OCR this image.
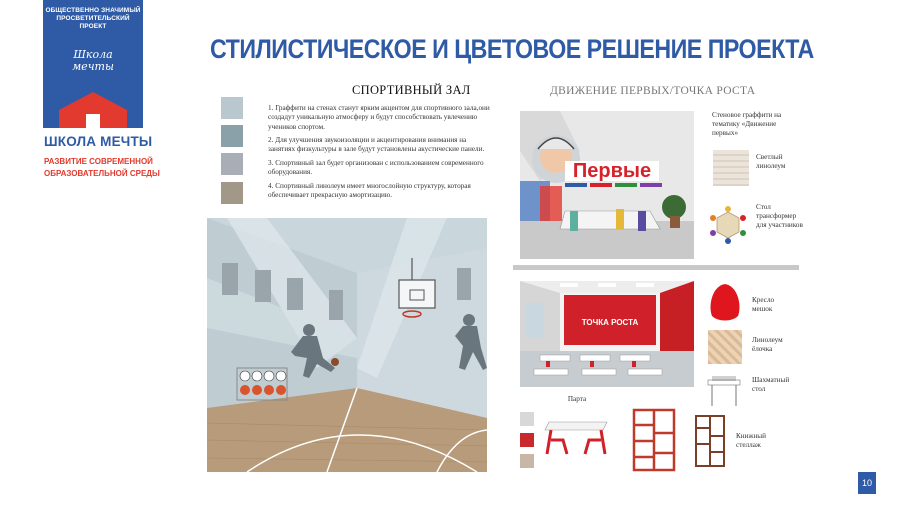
ОБЩЕСТВЕННО ЗНАЧИМЫЙ ПРОСВЕТИТЕЛЬСКИЙ ПРОЕКТ
Школа
мечты
ШКОЛА МЕЧТЫ
РАЗВИТИЕ СОВРЕМЕННОЙ
ОБРАЗОВАТЕЛЬНОЙ СРЕДЫ
СТИЛИСТИЧЕСКОЕ И ЦВЕТОВОЕ РЕШЕНИЕ ПРОЕКТА
СПОРТИВНЫЙ ЗАЛ

1. Граффити на стенах станут ярким акцентом для спортивного зала,они создадут уникальную атмосферу и будут способствовать увлечению учеников спортом.

2. Для улучшения звукоизоляции и акцентирования внимания на занятиях физкультуры в зале будут установлены акустические панели.

3. Спортивный зал будет организован с использованием современного оборудования.

4. Спортивный линолеум имеет многослойную структуру, которая обеспечивает прекрасную амортизацию.

ДВИЖЕНИЕ ПЕРВЫХ/ТОЧКА РОСТА
Первые
Стеновое граффити на тематику «Движение первых»
Светлый линолеум
Стол трансформер для участников
ТОЧКА РОСТА
Кресло мешок
Линолеум ёлочка
Шахматный стол
Парта
Книжный стеллаж
10
